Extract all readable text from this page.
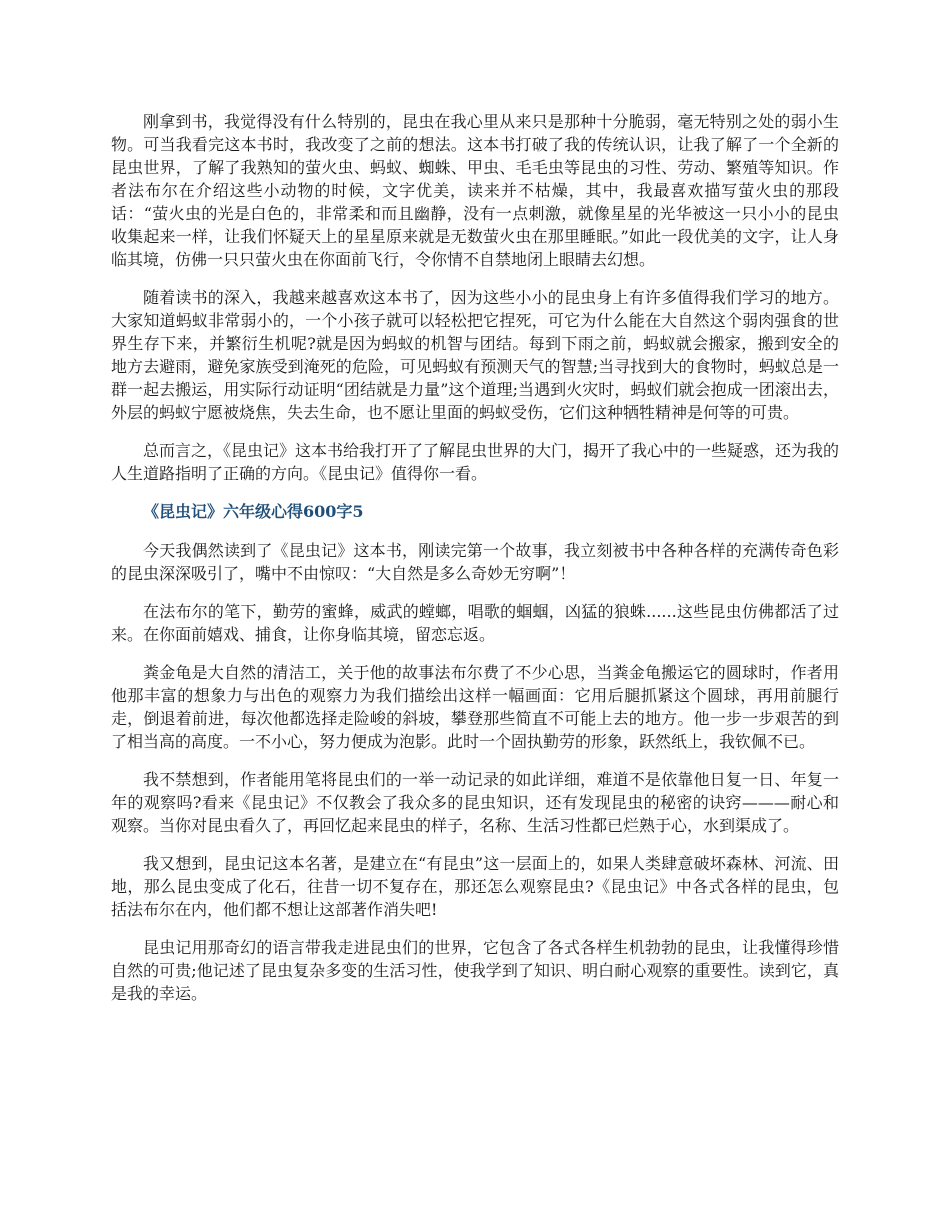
刚拿到书，我觉得没有什么特别的，昆虫在我心里从来只是那种十分脆弱，毫无特别之处的弱小生物。可当我看完这本书时，我改变了之前的想法。这本书打破了我的传统认识，让我了解了一个全新的昆虫世界，了解了我熟知的萤火虫、蚂蚁、蜘蛛、甲虫、毛毛虫等昆虫的习性、劳动、繁殖等知识。作者法布尔在介绍这些小动物的时候，文字优美，读来并不枯燥，其中，我最喜欢描写萤火虫的那段话：“萤火虫的光是白色的，非常柔和而且幽静，没有一点刺激，就像星星的光华被这一只小小的昆虫收集起来一样，让我们怀疑天上的星星原来就是无数萤火虫在那里睡眠。”如此一段优美的文字，让人身临其境，仿佛一只只萤火虫在你面前飞行，令你情不自禁地闭上眼睛去幻想。

随着读书的深入，我越来越喜欢这本书了，因为这些小小的昆虫身上有许多值得我们学习的地方。大家知道蚂蚁非常弱小的，一个小孩子就可以轻松把它捏死，可它为什么能在大自然这个弱肉强食的世界生存下来，并繁衍生机呢?就是因为蚂蚁的机智与团结。每到下雨之前，蚂蚁就会搬家，搬到安全的地方去避雨，避免家族受到淹死的危险，可见蚂蚁有预测天气的智慧;当寻找到大的食物时，蚂蚁总是一群一起去搬运，用实际行动证明“团结就是力量”这个道理;当遇到火灾时，蚂蚁们就会抱成一团滚出去，外层的蚂蚁宁愿被烧焦，失去生命，也不愿让里面的蚂蚁受伤，它们这种牺牲精神是何等的可贵。

总而言之，《昆虫记》这本书给我打开了了解昆虫世界的大门，揭开了我心中的一些疑惑，还为我的人生道路指明了正确的方向。《昆虫记》值得你一看。

《昆虫记》六年级心得600字5

今天我偶然读到了《昆虫记》这本书，刚读完第一个故事，我立刻被书中各种各样的充满传奇色彩的昆虫深深吸引了，嘴中不由惊叹：“大自然是多么奇妙无穷啊”！

在法布尔的笔下，勤劳的蜜蜂，威武的螳螂，唱歌的蝈蝈，凶猛的狼蛛......这些昆虫仿佛都活了过来。在你面前嬉戏、捕食，让你身临其境，留恋忘返。

粪金龟是大自然的清洁工，关于他的故事法布尔费了不少心思，当粪金龟搬运它的圆球时，作者用他那丰富的想象力与出色的观察力为我们描绘出这样一幅画面：它用后腿抓紧这个圆球，再用前腿行走，倒退着前进，每次他都选择走险峻的斜坡，攀登那些简直不可能上去的地方。他一步一步艰苦的到了相当高的高度。一不小心，努力便成为泡影。此时一个固执勤劳的形象，跃然纸上，我钦佩不已。

我不禁想到，作者能用笔将昆虫们的一举一动记录的如此详细，难道不是依靠他日复一日、年复一年的观察吗?看来《昆虫记》不仅教会了我众多的昆虫知识，还有发现昆虫的秘密的诀窍———耐心和观察。当你对昆虫看久了，再回忆起来昆虫的样子，名称、生活习性都已烂熟于心，水到渠成了。

我又想到，昆虫记这本名著，是建立在“有昆虫”这一层面上的，如果人类肆意破坏森林、河流、田地，那么昆虫变成了化石，往昔一切不复存在，那还怎么观察昆虫?《昆虫记》中各式各样的昆虫，包括法布尔在内，他们都不想让这部著作消失吧!

昆虫记用那奇幻的语言带我走进昆虫们的世界，它包含了各式各样生机勃勃的昆虫，让我懂得珍惜自然的可贵;他记述了昆虫复杂多变的生活习性，使我学到了知识、明白耐心观察的重要性。读到它，真是我的幸运。
